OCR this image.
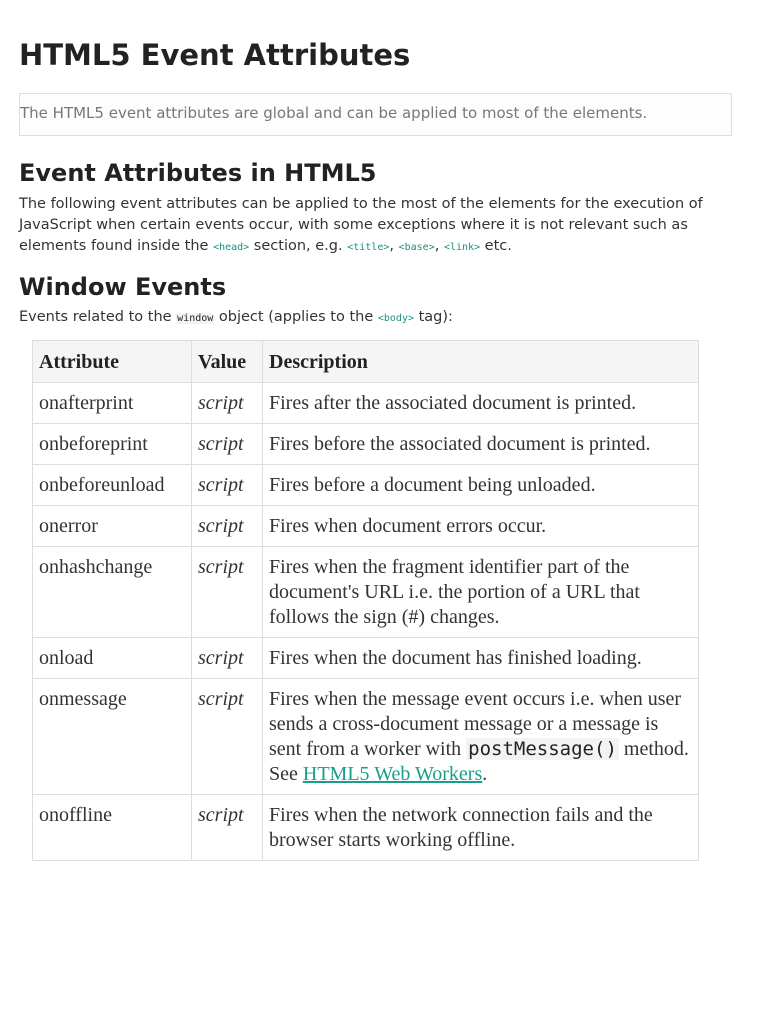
HTML5 Event Attributes
The HTML5 event attributes are global and can be applied to most of the elements.
Event Attributes in HTML5

The following event attributes can be applied to the most of the elements for the execution of JavaScript when certain events occur, with some exceptions where it is not relevant such as elements found inside the <head> section, e.g. <title>, <base>, <link> etc.

Window Events

Events related to the window object (applies to the <body> tag):

Attribute	Value	Description
onafterprint	script	Fires after the associated document is printed.
onbeforeprint	script	Fires before the associated document is printed.
onbeforeunload	script	Fires before a document being unloaded.
onerror	script	Fires when document errors occur.
onhashchange	script	Fires when the fragment identifier part of the document's URL i.e. the portion of a URL that follows the sign (#) changes.
onload	script	Fires when the document has finished loading.
onmessage	script	Fires when the message event occurs i.e. when user sends a cross-document message or a message is sent from a worker with postMessage() method. See HTML5 Web Workers.
onoffline	script	Fires when the network connection fails and the browser starts working offline.
